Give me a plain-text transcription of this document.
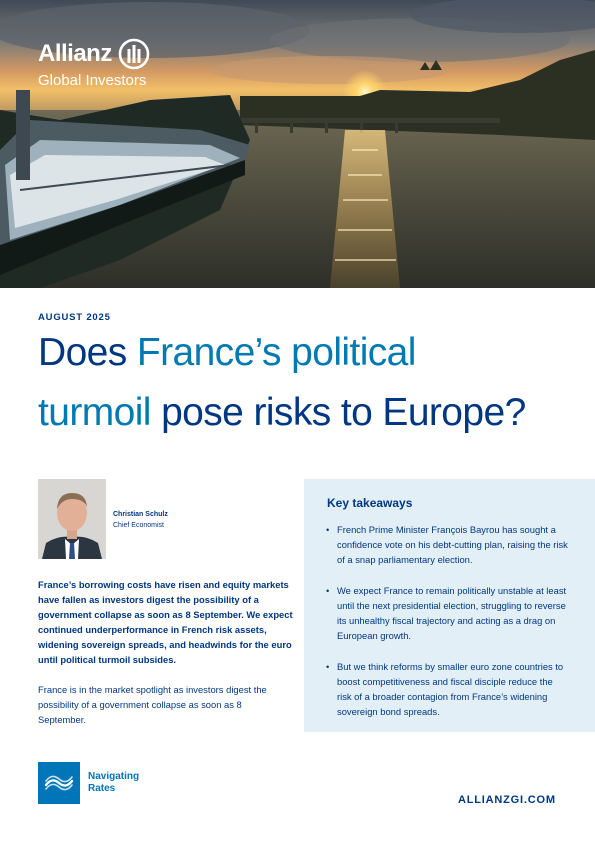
Allianz
Global Investors
AUGUST 2025
Does France’s political
turmoil pose risks to Europe?
Christian Schulz
Chief Economist

France’s borrowing costs have risen and equity markets have fallen as investors digest the possibility of a government collapse as soon as 8 September. We expect continued underperformance in French risk assets, widening sovereign spreads, and headwinds for the euro until political turmoil subsides.

France is in the market spotlight as investors digest the possibility of a government collapse as soon as 8 September.

Key takeaways
• French Prime Minister François Bayrou has sought a confidence vote on his debt-cutting plan, raising the risk of a snap parliamentary election.
• We expect France to remain politically unstable at least until the next presidential election, struggling to reverse its unhealthy fiscal trajectory and acting as a drag on European growth.
• But we think reforms by smaller euro zone countries to boost competitiveness and fiscal disciple reduce the risk of a broader contagion from France’s widening sovereign bond spreads.
Navigating
Rates
ALLIANZGI.COM
